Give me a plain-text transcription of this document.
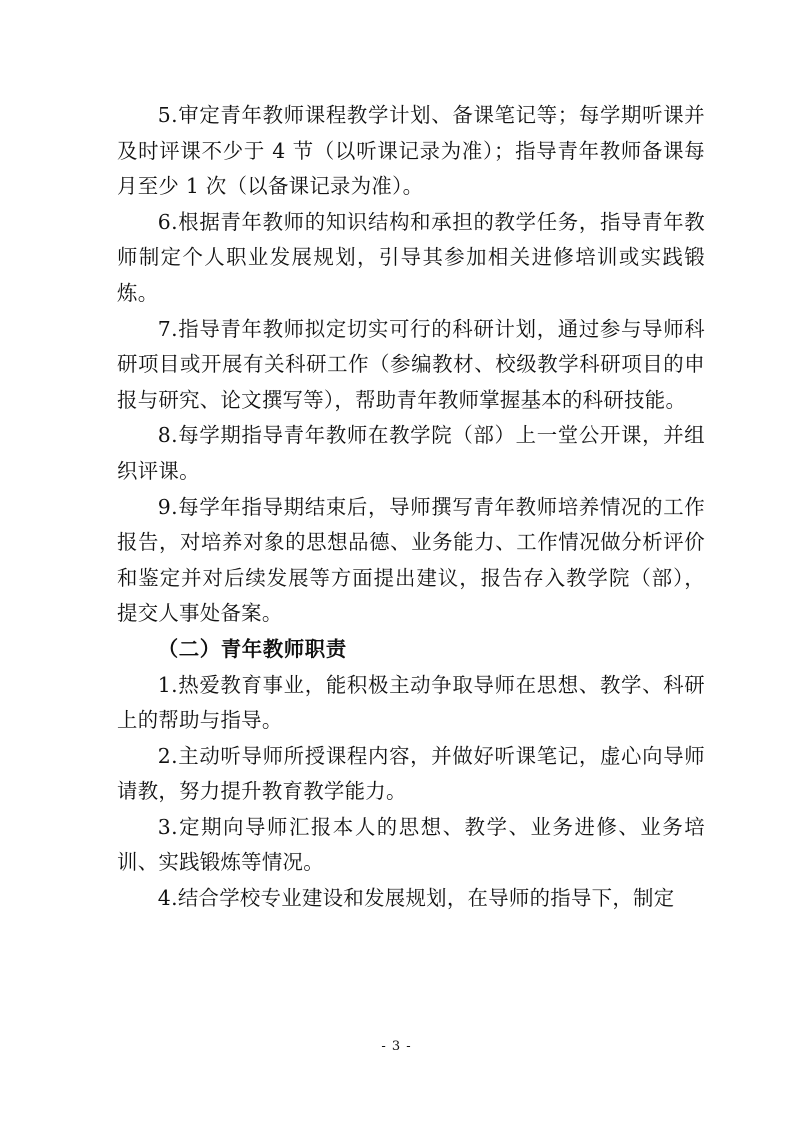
5.审定青年教师课程教学计划、备课笔记等；每学期听课并及时评课不少于 4 节（以听课记录为准）；指导青年教师备课每月至少 1 次（以备课记录为准）。

6.根据青年教师的知识结构和承担的教学任务，指导青年教师制定个人职业发展规划，引导其参加相关进修培训或实践锻炼。

7.指导青年教师拟定切实可行的科研计划，通过参与导师科研项目或开展有关科研工作（参编教材、校级教学科研项目的申报与研究、论文撰写等），帮助青年教师掌握基本的科研技能。

8.每学期指导青年教师在教学院（部）上一堂公开课，并组织评课。

9.每学年指导期结束后，导师撰写青年教师培养情况的工作报告，对培养对象的思想品德、业务能力、工作情况做分析评价和鉴定并对后续发展等方面提出建议，报告存入教学院（部），提交人事处备案。

（二）青年教师职责

1.热爱教育事业，能积极主动争取导师在思想、教学、科研上的帮助与指导。

2.主动听导师所授课程内容，并做好听课笔记，虚心向导师请教，努力提升教育教学能力。

3.定期向导师汇报本人的思想、教学、业务进修、业务培训、实践锻炼等情况。

4.结合学校专业建设和发展规划，在导师的指导下，制定

- 3 -
